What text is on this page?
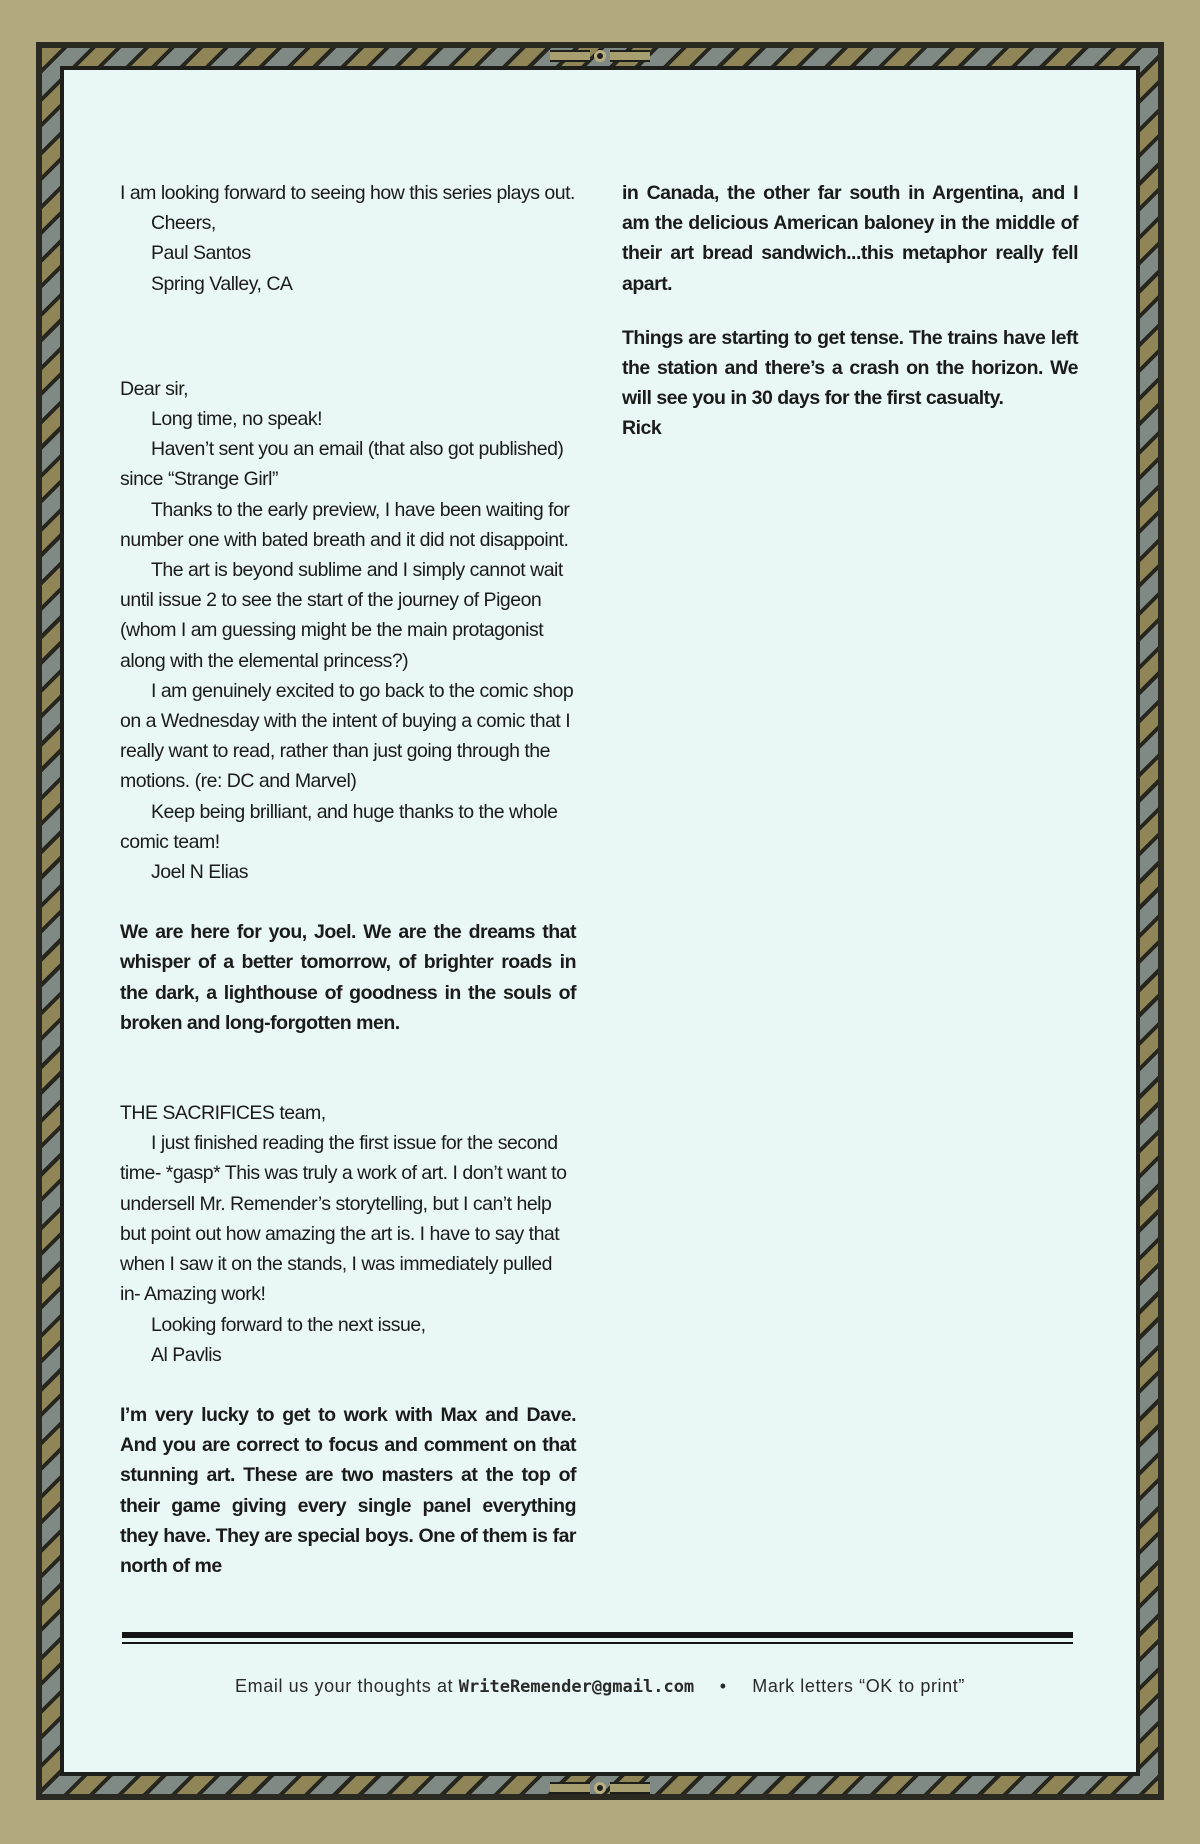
I am looking forward to seeing how this series plays out.

Cheers,

Paul Santos

Spring Valley, CA

Dear sir,

Long time, no speak!

Haven’t sent you an email (that also got published) since “Strange Girl”

Thanks to the early preview, I have been waiting for number one with bated breath and it did not disappoint.

The art is beyond sublime and I simply cannot wait until issue 2 to see the start of the journey of Pigeon (whom I am guessing might be the main protagonist along with the elemental princess?)

I am genuinely excited to go back to the comic shop on a Wednesday with the intent of buying a comic that I really want to read, rather than just going through the motions. (re: DC and Marvel)

Keep being brilliant, and huge thanks to the whole comic team!

Joel N Elias

We are here for you, Joel. We are the dreams that whisper of a better tomorrow, of brighter roads in the dark, a lighthouse of goodness in the souls of broken and long-forgotten men.

THE SACRIFICES team,

I just finished reading the first issue for the second time- *gasp* This was truly a work of art. I don’t want to undersell Mr. Remender’s storytelling, but I can’t help but point out how amazing the art is. I have to say that when I saw it on the stands, I was immediately pulled in- Amazing work!

Looking forward to the next issue,

Al Pavlis

I’m very lucky to get to work with Max and Dave. And you are correct to focus and comment on that stunning art. These are two masters at the top of their game giving every single panel everything they have. They are special boys. One of them is far north of me

in Canada, the other far south in Argentina, and I am the delicious American baloney in the middle of their art bread sandwich...this metaphor really fell apart.

Things are starting to get tense. The trains have left the station and there’s a crash on the horizon. We will see you in 30 days for the first casualty.

Rick

Email us your thoughts at WriteRemender@gmail.com • Mark letters “OK to print”
